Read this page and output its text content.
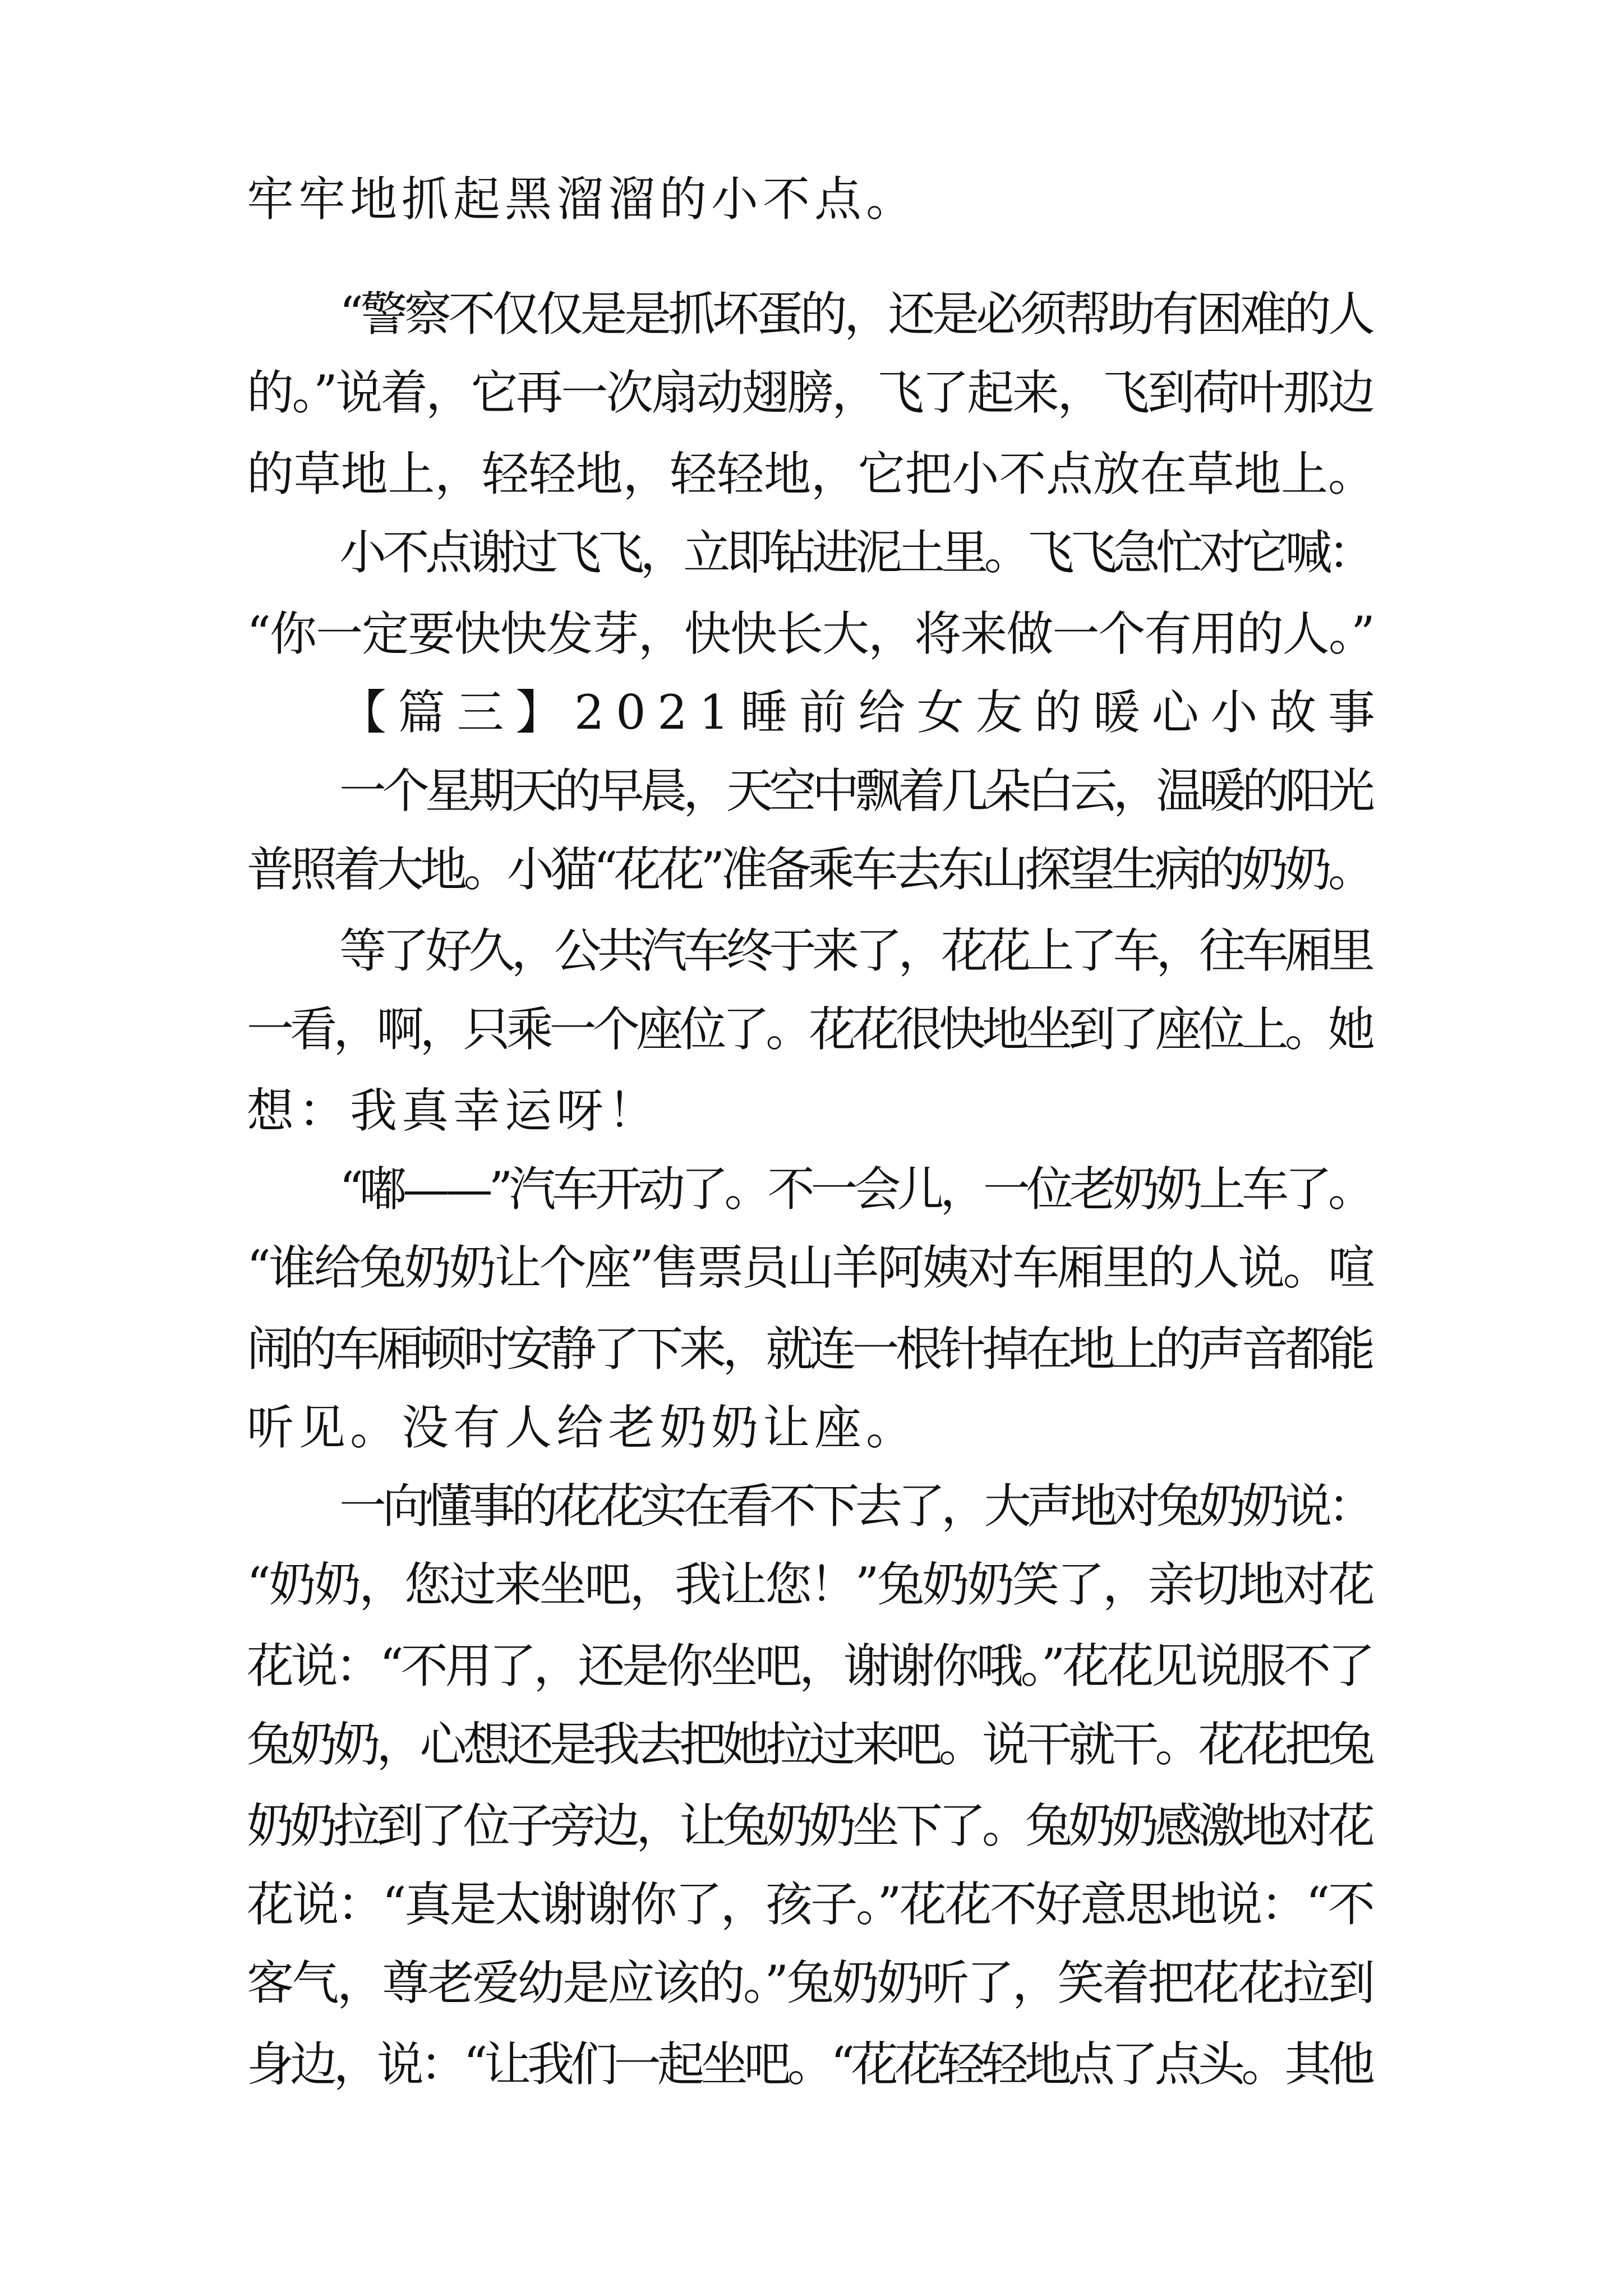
牢牢地抓起黑溜溜的小不点。

“警察不仅仅是是抓坏蛋的，还是必须帮助有困难的人

的。”说着，它再一次扇动翅膀，飞了起来，飞到荷叶那边

的草地上，轻轻地，轻轻地，它把小不点放在草地上。

小不点谢过飞飞，立即钻进泥土里。飞飞急忙对它喊：

“你一定要快快发芽，快快长大，将来做一个有用的人。”

【篇三】2021睡前给女友的暖心小故事

一个星期天的早晨，天空中飘着几朵白云，温暖的阳光

普照着大地。小猫“花花”准备乘车去东山探望生病的奶奶。

等了好久，公共汽车终于来了，花花上了车，往车厢里

一看，啊，只乘一个座位了。花花很快地坐到了座位上。她

想：我真幸运呀！

“嘟——”汽车开动了。不一会儿，一位老奶奶上车了。

“谁给兔奶奶让个座”售票员山羊阿姨对车厢里的人说。喧

闹的车厢顿时安静了下来，就连一根针掉在地上的声音都能

听见。没有人给老奶奶让座。

一向懂事的花花实在看不下去了，大声地对兔奶奶说：

“奶奶，您过来坐吧，我让您！”兔奶奶笑了，亲切地对花

花说：“不用了，还是你坐吧，谢谢你哦。”花花见说服不了

兔奶奶，心想还是我去把她拉过来吧。说干就干。花花把兔

奶奶拉到了位子旁边，让兔奶奶坐下了。兔奶奶感激地对花

花说：“真是太谢谢你了，孩子。”花花不好意思地说：“不

客气，尊老爱幼是应该的。”兔奶奶听了，笑着把花花拉到

身边，说：“让我们一起坐吧。“花花轻轻地点了点头。其他
